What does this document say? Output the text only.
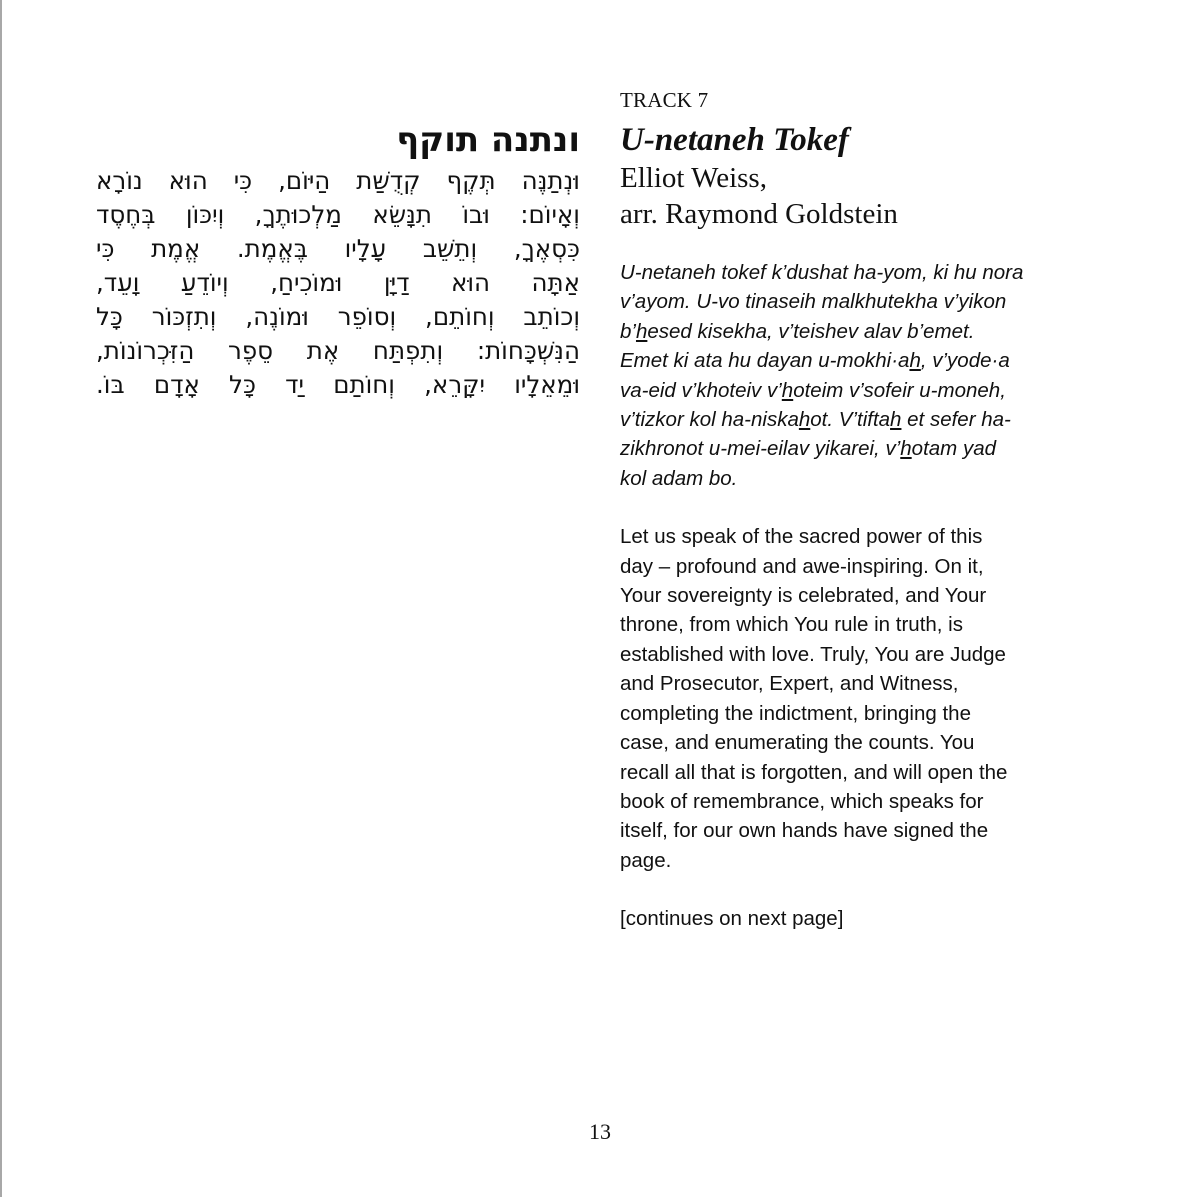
ונתנה תוקף
וּנְתַנֶּה תְּקֶף קְדֻשַּׁת הַיּוֹם, כִּי הוּא נוֹרָא
וְאָיוֹם: וּבוֹ תִנָּשֵׂא מַלְכוּתֶךָ, וְיִכּוֹן בְּחֶסֶד
כִּסְאֶךָ, וְתֵשֵׁב עָלָיו בֶּאֱמֶת. אֱמֶת כִּי
אַתָּה הוּא דַיָּן וּמוֹכִיחַ, וְיוֹדֵעַ וָעֵד,
וְכוֹתֵב וְחוֹתֵם, וְסוֹפֵר וּמוֹנֶה, וְתִזְכּוֹר כָּל
הַנִּשְׁכָּחוֹת: וְתִפְתַּח אֶת סֵפֶר הַזִּכְרוֹנוֹת,
וּמֵאֵלָיו יִקָּרֵא, וְחוֹתַם יַד כָּל אָדָם בּוֹ.
TRACK 7
U-netaneh Tokef
Elliot Weiss,
arr. Raymond Goldstein
U-netaneh tokef k’dushat ha-yom, ki hu nora
v’ayom. U-vo tinaseih malkhutekha v’yikon
b’hesed kisekha, v’teishev alav b’emet.
Emet ki ata hu dayan u-mokhi·ah, v’yode·a
va-eid v’khoteiv v’hoteim v’sofeir u-moneh,
v’tizkor kol ha-niskahot. V’tiftah et sefer ha-
zikhronot u-mei-eilav yikarei, v’hotam yad
kol adam bo.
Let us speak of the sacred power of this
day – profound and awe-inspiring. On it,
Your sovereignty is celebrated, and Your
throne, from which You rule in truth, is
established with love. Truly, You are Judge
and Prosecutor, Expert, and Witness,
completing the indictment, bringing the
case, and enumerating the counts. You
recall all that is forgotten, and will open the
book of remembrance, which speaks for
itself, for our own hands have signed the
page.
[continues on next page]
13
